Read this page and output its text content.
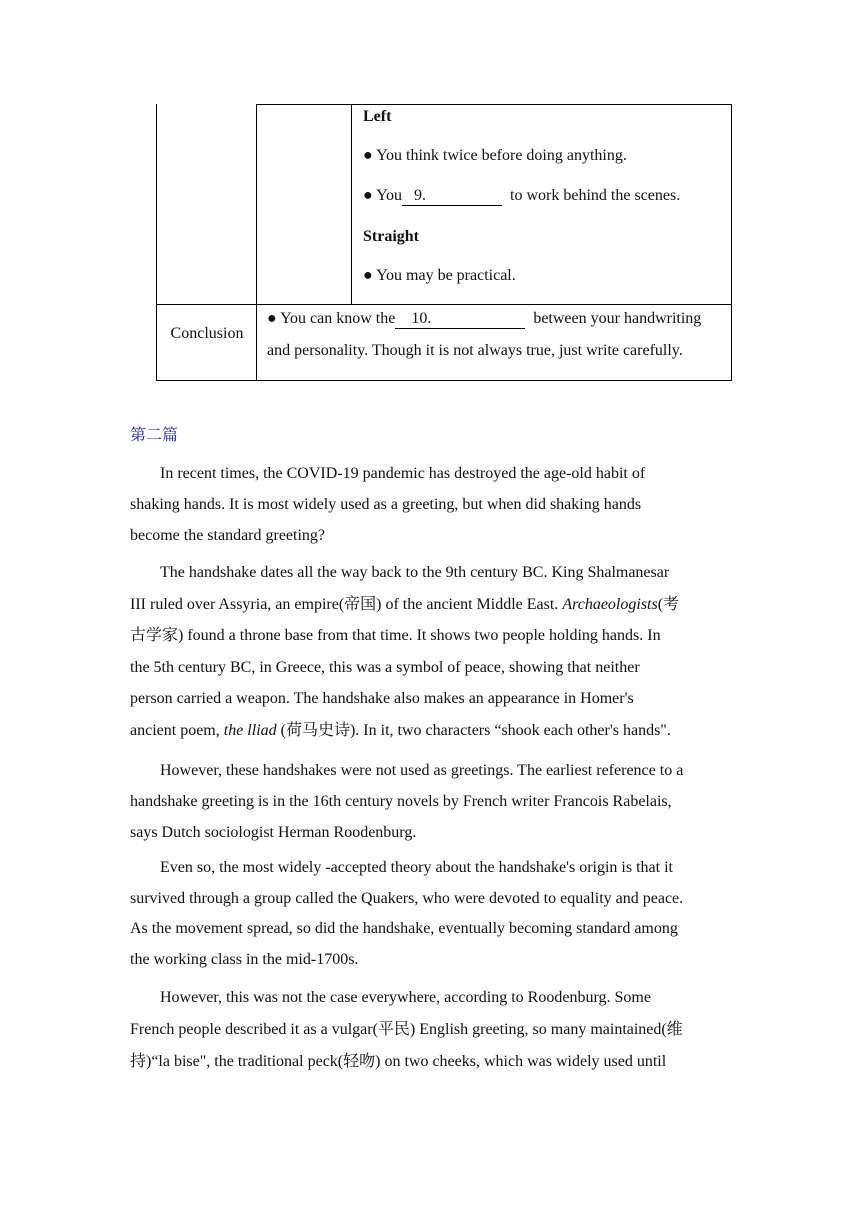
Left
● You think twice before doing anything.
● You 9.	to work behind the scenes.
Straight
● You may be practical.
Conclusion
● You can know the 10.	between your handwriting
and personality. Though it is not always true, just write carefully.
第二篇
In recent times, the COVID-19 pandemic has destroyed the age-old habit of
shaking hands. It is most widely used as a greeting, but when did shaking hands
become the standard greeting?
The handshake dates all the way back to the 9th century BC. King Shalmanesar
III ruled over Assyria, an empire(帝国) of the ancient Middle East. Archaeologists(考
古学家) found a throne base from that time. It shows two people holding hands. In
the 5th century BC, in Greece, this was a symbol of peace, showing that neither
person carried a weapon. The handshake also makes an appearance in Homer's
ancient poem, the lliad (荷马史诗). In it, two characters “shook each other's hands".
However, these handshakes were not used as greetings. The earliest reference to a
handshake greeting is in the 16th century novels by French writer Francois Rabelais,
says Dutch sociologist Herman Roodenburg.
Even so, the most widely -accepted theory about the handshake's origin is that it
survived through a group called the Quakers, who were devoted to equality and peace.
As the movement spread, so did the handshake, eventually becoming standard among
the working class in the mid-1700s.
However, this was not the case everywhere, according to Roodenburg. Some
French people described it as a vulgar(平民) English greeting, so many maintained(维
持)“la bise", the traditional peck(轻吻) on two cheeks, which was widely used until
